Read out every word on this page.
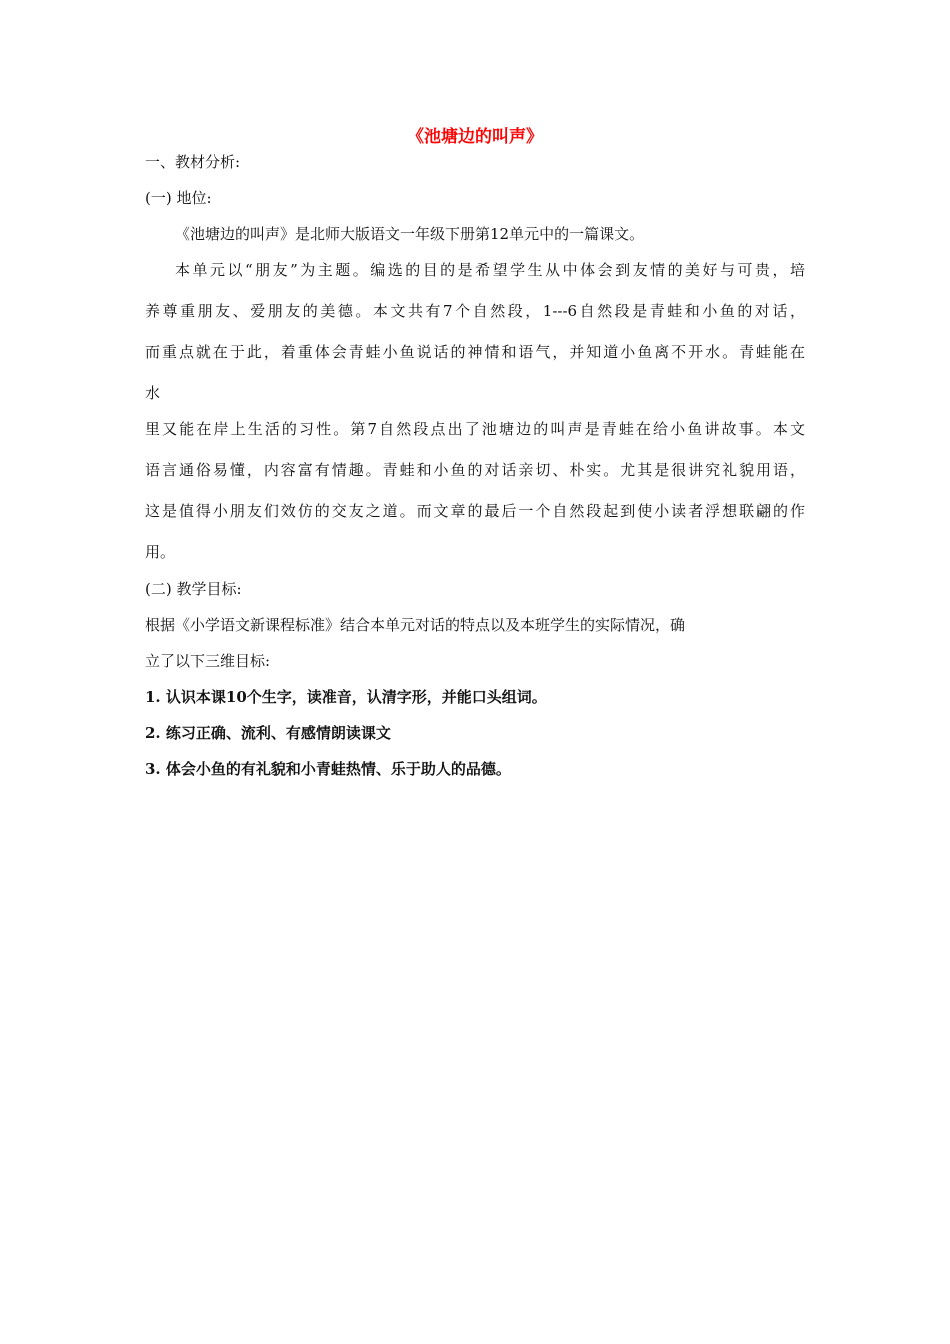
《池塘边的叫声》
一、教材分析:
(一) 地位:
《池塘边的叫声》是北师大版语文一年级下册第12单元中的一篇课文。
本单元以“朋友”为主题。编选的目的是希望学生从中体会到友情的美好与可贵，培
养尊重朋友、爱朋友的美德。本文共有7个自然段，1---6自然段是青蛙和小鱼的对话，
而重点就在于此，着重体会青蛙小鱼说话的神情和语气，并知道小鱼离不开水。青蛙能在
水
里又能在岸上生活的习性。第7自然段点出了池塘边的叫声是青蛙在给小鱼讲故事。本文
语言通俗易懂，内容富有情趣。青蛙和小鱼的对话亲切、朴实。尤其是很讲究礼貌用语，
这是值得小朋友们效仿的交友之道。而文章的最后一个自然段起到使小读者浮想联翩的作
用。
(二) 教学目标:
根据《小学语文新课程标准》结合本单元对话的特点以及本班学生的实际情况，确
立了以下三维目标:
1. 认识本课10个生字，读准音，认清字形，并能口头组词。
2. 练习正确、流利、有感情朗读课文
3. 体会小鱼的有礼貌和小青蛙热情、乐于助人的品德。
